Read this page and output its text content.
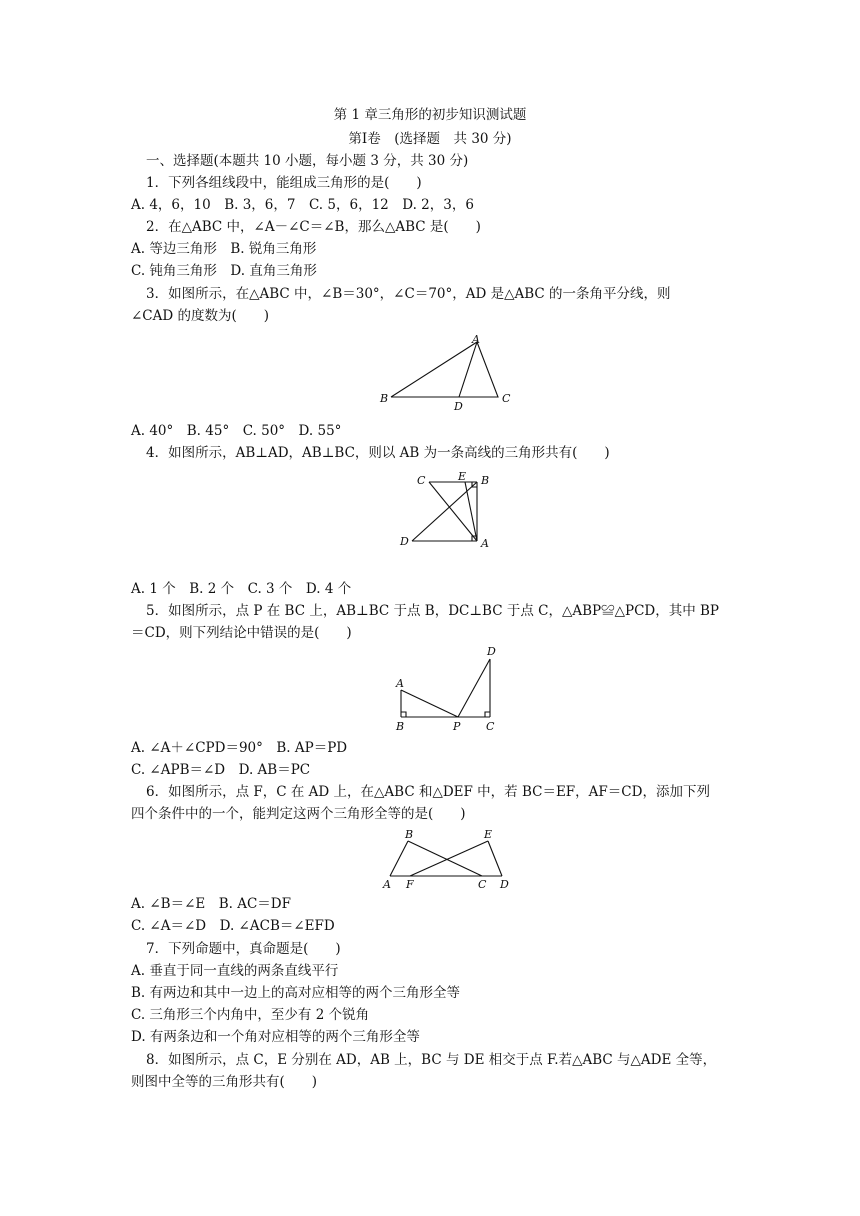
第 1 章三角形的初步知识测试题
第Ⅰ卷　(选择题　共 30 分)
一、选择题(本题共 10 小题，每小题 3 分，共 30 分)
1．下列各组线段中，能组成三角形的是(　　)
A. 4，6，10　B. 3，6，7　C. 5，6，12　D. 2，3，6
2．在△ABC 中，∠A－∠C＝∠B，那么△ABC 是(　　)
A. 等边三角形　B. 锐角三角形
C. 钝角三角形　D. 直角三角形
3．如图所示，在△ABC 中，∠B＝30°，∠C＝70°，AD 是△ABC 的一条角平分线，则
∠CAD 的度数为(　　)
A
B
D
C
A. 40°　B. 45°　C. 50°　D. 55°
4．如图所示，AB⊥AD，AB⊥BC，则以 AB 为一条高线的三角形共有(　　)
C	E B
D	A
A. 1 个　B. 2 个　C. 3 个　D. 4 个
5．如图所示，点 P 在 BC 上，AB⊥BC 于点 B，DC⊥BC 于点 C，△ABP≌△PCD，其中 BP
＝CD，则下列结论中错误的是(　　)
D
A
B	P C
A. ∠A＋∠CPD＝90°　B. AP＝PD
C. ∠APB＝∠D　D. AB＝PC
6．如图所示，点 F，C 在 AD 上，在△ABC 和△DEF 中，若 BC＝EF，AF＝CD，添加下列
四个条件中的一个，能判定这两个三角形全等的是(　　)
B	E
A F	C D
A. ∠B＝∠E　B. AC＝DF
C. ∠A＝∠D　D. ∠ACB＝∠EFD
7．下列命题中，真命题是(　　)
A. 垂直于同一直线的两条直线平行
B. 有两边和其中一边上的高对应相等的两个三角形全等
C. 三角形三个内角中，至少有 2 个锐角
D. 有两条边和一个角对应相等的两个三角形全等
8．如图所示，点 C，E 分别在 AD，AB 上，BC 与 DE 相交于点 F.若△ABC 与△ADE 全等，
则图中全等的三角形共有(　　)
